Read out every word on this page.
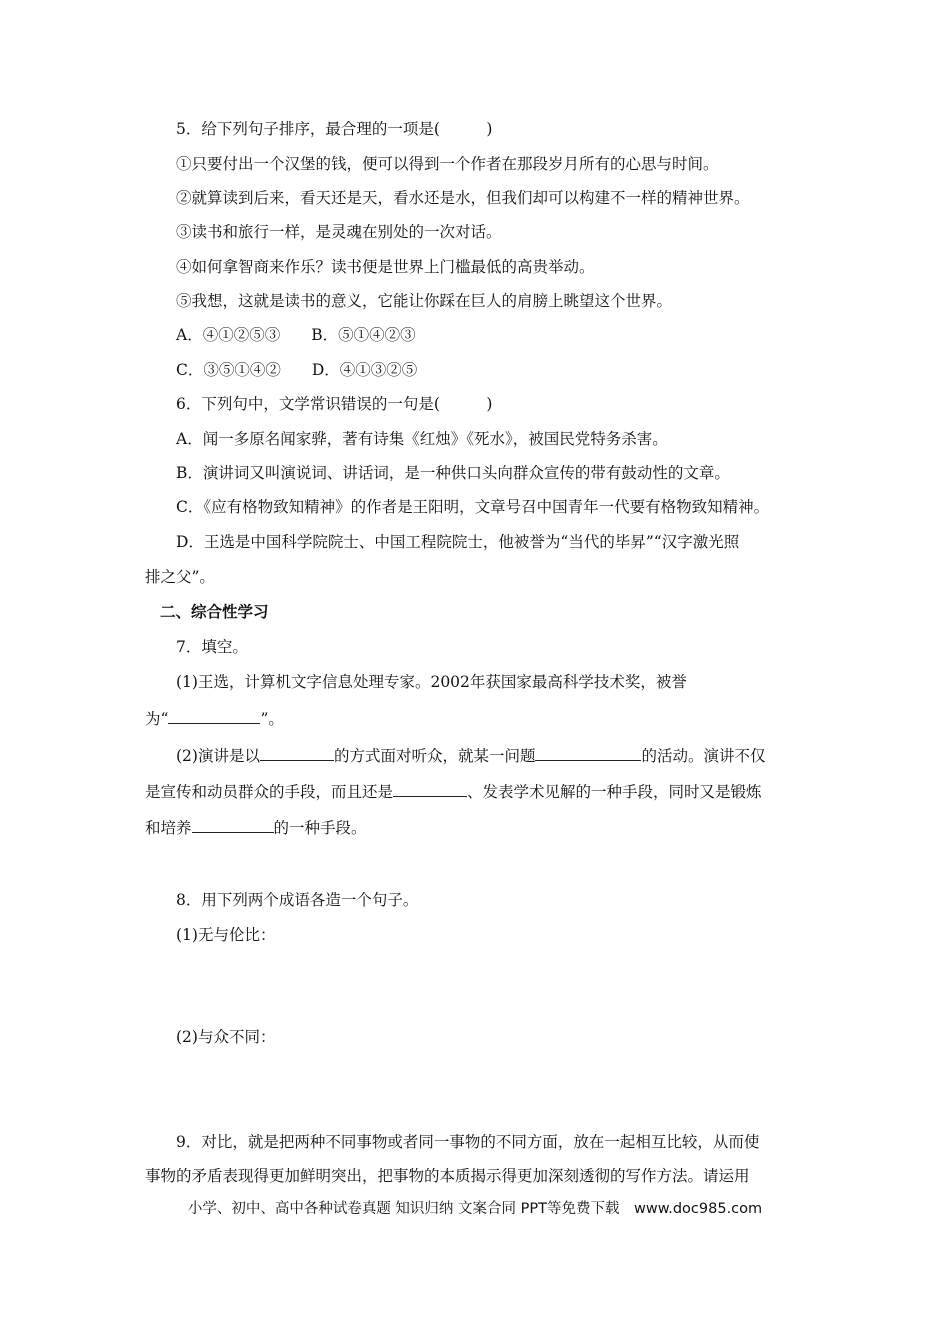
5．给下列句子排序，最合理的一项是(　　　)
①只要付出一个汉堡的钱，便可以得到一个作者在那段岁月所有的心思与时间。
②就算读到后来，看天还是天，看水还是水，但我们却可以构建不一样的精神世界。
③读书和旅行一样，是灵魂在别处的一次对话。
④如何拿智商来作乐？读书便是世界上门槛最低的高贵举动。
⑤我想，这就是读书的意义，它能让你踩在巨人的肩膀上眺望这个世界。
A．④①②⑤③　　B．⑤①④②③
C．③⑤①④②　　D．④①③②⑤
6．下列句中，文学常识错误的一句是(　　　)
A．闻一多原名闻家骅，著有诗集《红烛》《死水》，被国民党特务杀害。
B．演讲词又叫演说词、讲话词，是一种供口头向群众宣传的带有鼓动性的文章。
C．《应有格物致知精神》的作者是王阳明，文章号召中国青年一代要有格物致知精神。
D．王选是中国科学院院士、中国工程院院士，他被誉为“当代的毕昇”“汉字激光照
排之父”。
二、综合性学习
7．填空。
(1)王选，计算机文字信息处理专家。2002年获国家最高科学技术奖，被誉
为“	”。
(2)演讲是以	的方式面对听众，就某一问题	的活动。演讲不仅
是宣传和动员群众的手段，而且还是	、发表学术见解的一种手段，同时又是锻炼
和培养	的一种手段。
8．用下列两个成语各造一个句子。
(1)无与伦比：
(2)与众不同：
9．对比，就是把两种不同事物或者同一事物的不同方面，放在一起相互比较，从而使
事物的矛盾表现得更加鲜明突出，把事物的本质揭示得更加深刻透彻的写作方法。请运用
小学、初中、高中各种试卷真题 知识归纳 文案合同 PPT等免费下载　www.doc985.com
